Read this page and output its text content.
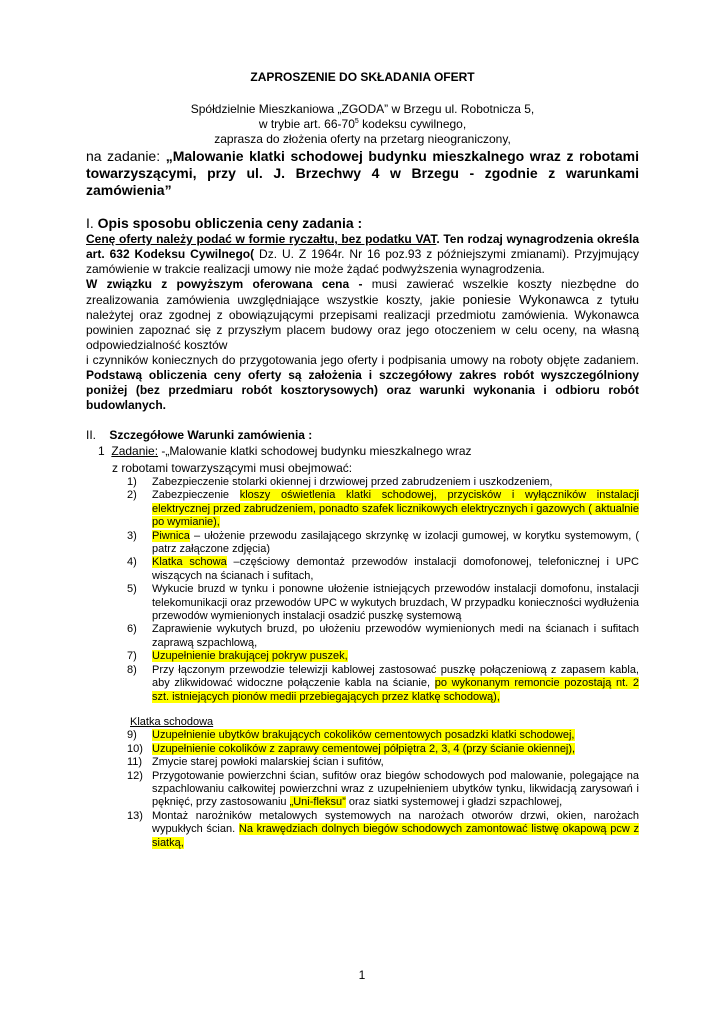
ZAPROSZENIE DO SKŁADANIA OFERT
Spółdzielnie Mieszkaniowa „ZGODA” w Brzegu ul. Robotnicza 5,
w trybie art. $66-70^5$ kodeksu cywilnego,
zaprasza do złożenia oferty na przetarg nieograniczony,
na zadanie: „Malowanie klatki schodowej budynku mieszkalnego wraz z robotami towarzyszącymi, przy ul. J. Brzechwy 4 w Brzegu - zgodnie z warunkami zamówienia”
I. Opis sposobu obliczenia ceny zadania :
Cenę oferty należy podać w formie ryczałtu, bez podatku VAT. Ten rodzaj wynagrodzenia określa art. 632 Kodeksu Cywilnego( Dz. U. Z 1964r. Nr 16 poz.93 z późniejszymi zmianami). Przyjmujący zamówienie w trakcie realizacji umowy nie może żądać podwyższenia wynagrodzenia.
W związku z powyższym oferowana cena - musi zawierać wszelkie koszty niezbędne do zrealizowania zamówienia uwzględniające wszystkie koszty, jakie poniesie Wykonawca z tytułu należytej oraz zgodnej z obowiązującymi przepisami realizacji przedmiotu zamówienia. Wykonawca powinien zapoznać się z przyszłym placem budowy oraz jego otoczeniem w celu oceny, na własną odpowiedzialność kosztów
i czynników koniecznych do przygotowania jego oferty i podpisania umowy na roboty objęte zadaniem. Podstawą obliczenia ceny oferty są założenia i szczegółowy zakres robót wyszczególniony poniżej (bez przedmiaru robót kosztorysowych) oraz warunki wykonania i odbioru robót budowlanych.
II. Szczegółowe Warunki zamówienia :
1 Zadanie: -„Malowanie klatki schodowej budynku mieszkalnego wraz
z robotami towarzyszącymi musi obejmować:
1) Zabezpieczenie stolarki okiennej i drzwiowej przed zabrudzeniem i uszkodzeniem,
2) Zabezpieczenie kloszy oświetlenia klatki schodowej, przycisków i wyłączników instalacji elektrycznej przed zabrudzeniem, ponadto szafek licznikowych elektrycznych i gazowych ( aktualnie po wymianie),
3) Piwnica – ułożenie przewodu zasilającego skrzynkę w izolacji gumowej, w korytku systemowym, ( patrz załączone zdjęcia)
4) Klatka schowa –częściowy demontaż przewodów instalacji domofonowej, telefonicznej i UPC wiszących na ścianach i sufitach,
5) Wykucie bruzd w tynku i ponowne ułożenie istniejących przewodów instalacji domofonu, instalacji telekomunikacji oraz przewodów UPC w wykutych bruzdach, W przypadku konieczności wydłużenia przewodów wymienionych instalacji osadzić puszkę systemową
6) Zaprawienie wykutych bruzd, po ułożeniu przewodów wymienionych medi na ścianach i sufitach zaprawą szpachlową,
7) Uzupełnienie brakującej pokryw puszek,
8) Przy łączonym przewodzie telewizji kablowej zastosować puszkę połączeniową z zapasem kabla, aby zlikwidować widoczne połączenie kabla na ścianie, po wykonanym remoncie pozostają nt. 2 szt. istniejących pionów medii przebiegających przez klatkę schodową),
Klatka schodowa
9) Uzupełnienie ubytków brakujących cokolików cementowych posadzki klatki schodowej,
10) Uzupełnienie cokolików z zaprawy cementowej półpiętra 2, 3, 4 (przy ścianie okiennej),
11) Zmycie starej powłoki malarskiej ścian i sufitów,
12) Przygotowanie powierzchni ścian, sufitów oraz biegów schodowych pod malowanie, polegające na szpachlowaniu całkowitej powierzchni wraz z uzupełnieniem ubytków tynku, likwidacją zarysowań i pęknięć, przy zastosowaniu „Uni-fleksu” oraz siatki systemowej i gładzi szpachlowej,
13) Montaż narożników metalowych systemowych na narożach otworów drzwi, okien, narożach wypukłych ścian. Na krawędziach dolnych biegów schodowych zamontować listwę okapową pcw z siatką,
1
